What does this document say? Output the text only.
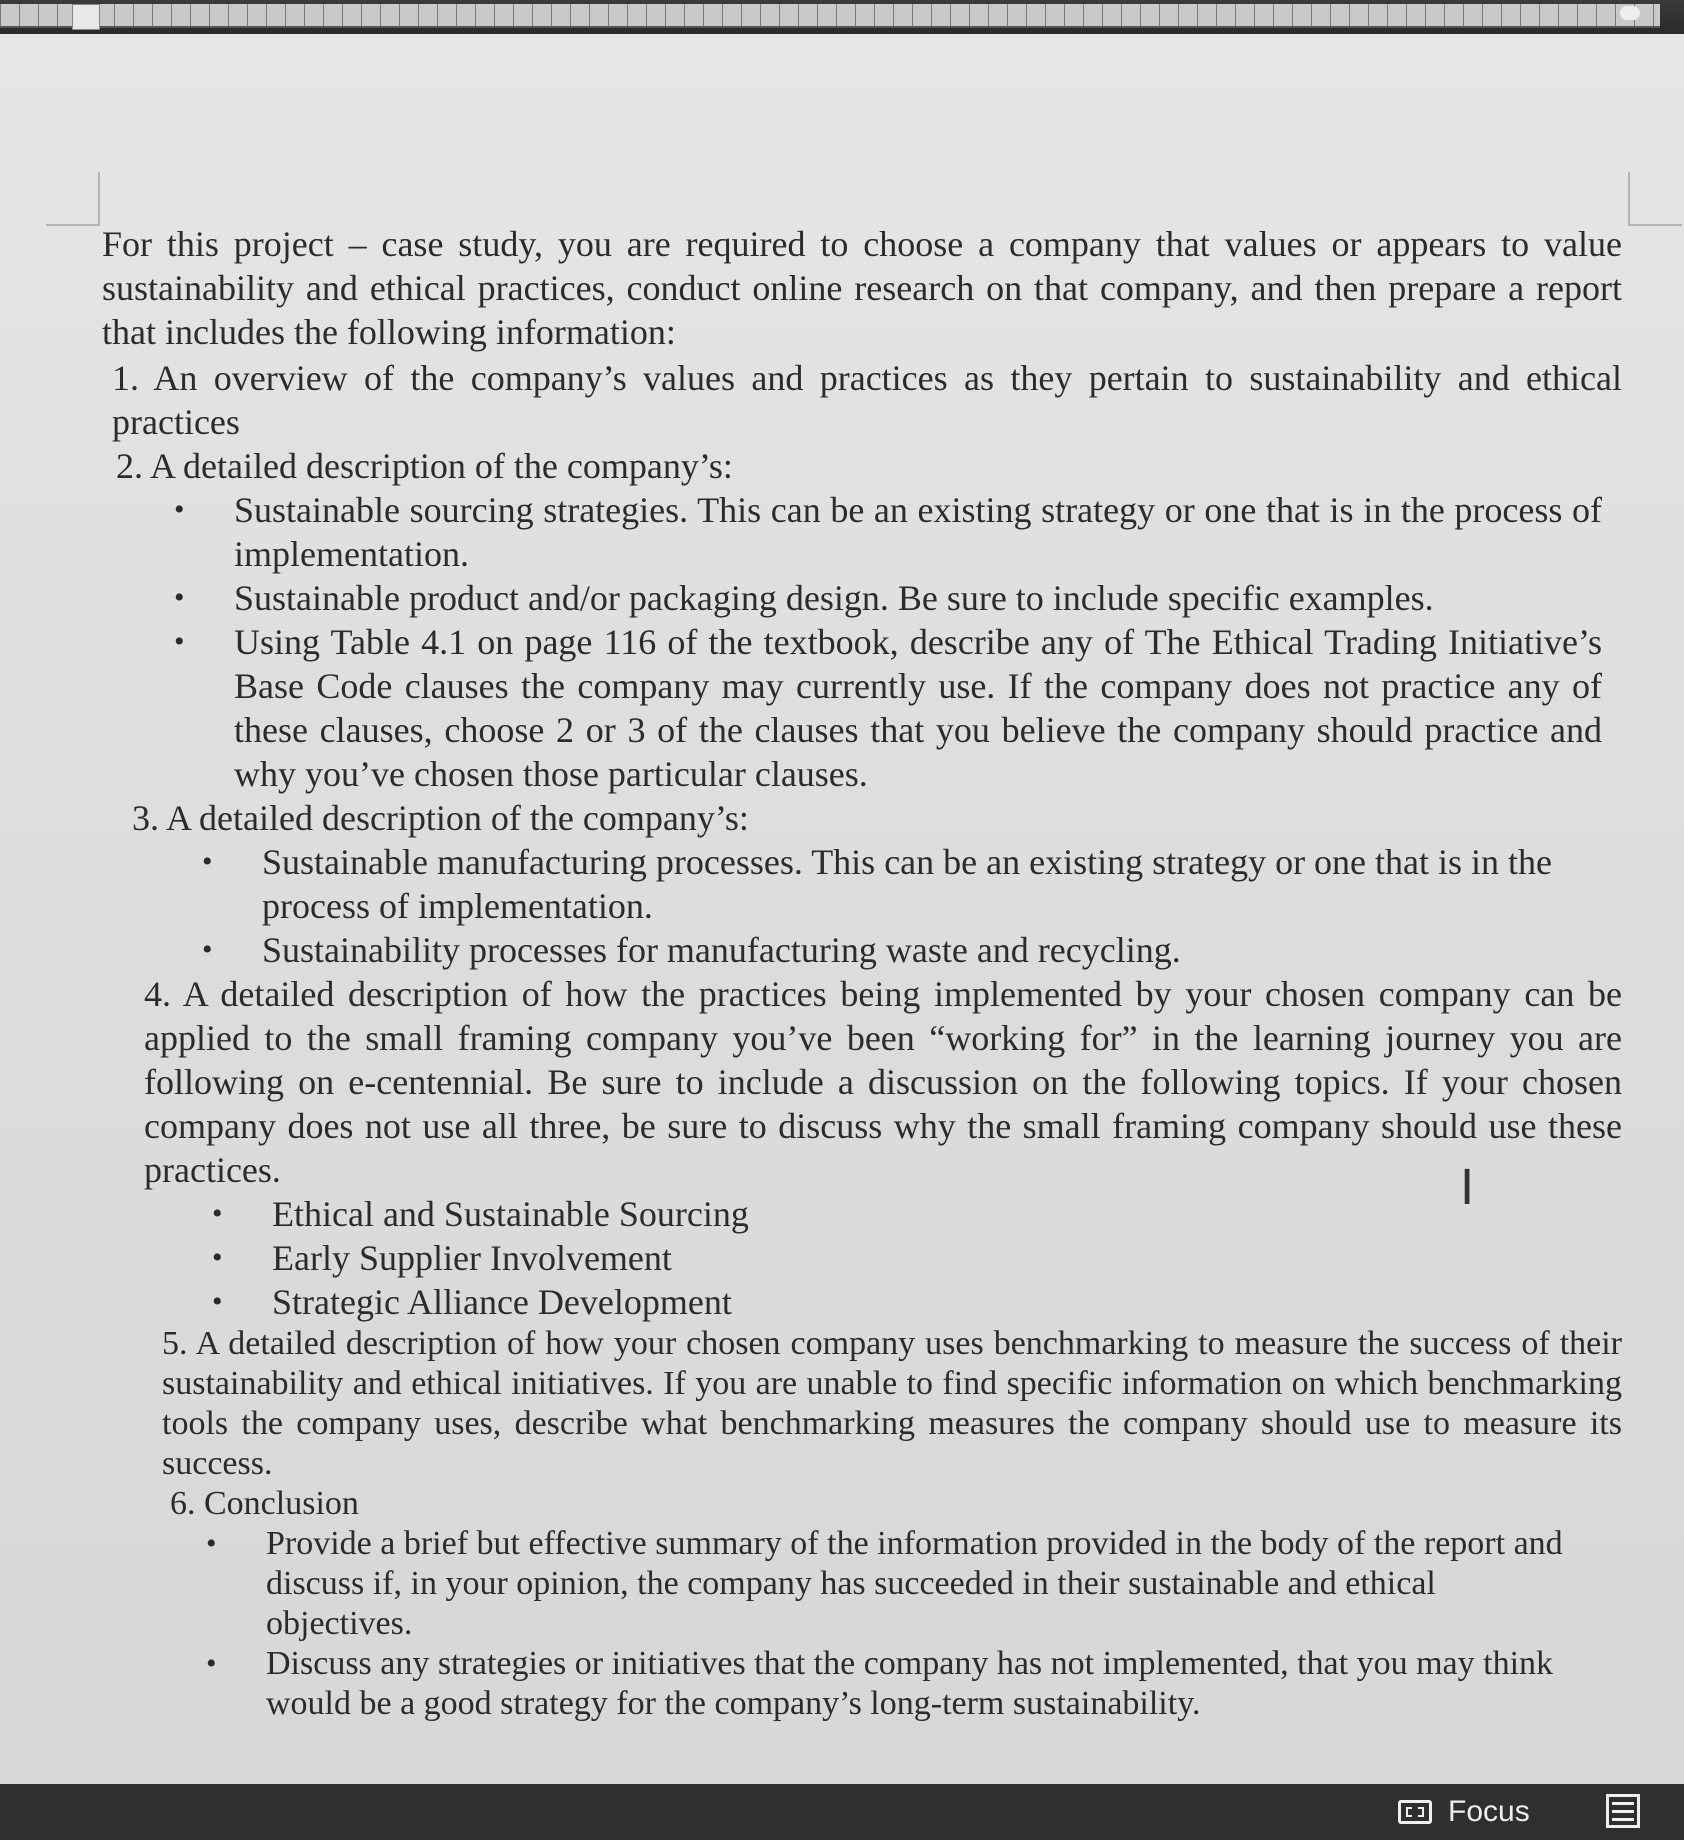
For this project – case study, you are required to choose a company that values or appears to value sustainability and ethical practices, conduct online research on that company, and then prepare a report that includes the following information:

1. An overview of the company’s values and practices as they pertain to sustainability and ethical practices

2. A detailed description of the company’s:

• Sustainable sourcing strategies. This can be an existing strategy or one that is in the process of implementation.

• Sustainable product and/or packaging design. Be sure to include specific examples.

• Using Table 4.1 on page 116 of the textbook, describe any of The Ethical Trading Initiative’s Base Code clauses the company may currently use. If the company does not practice any of these clauses, choose 2 or 3 of the clauses that you believe the company should practice and why you’ve chosen those particular clauses.

3. A detailed description of the company’s:

• Sustainable manufacturing processes. This can be an existing strategy or one that is in the process of implementation.

• Sustainability processes for manufacturing waste and recycling.

4. A detailed description of how the practices being implemented by your chosen company can be applied to the small framing company you’ve been “working for” in the learning journey you are following on e-centennial. Be sure to include a discussion on the following topics. If your chosen company does not use all three, be sure to discuss why the small framing company should use these practices.

• Ethical and Sustainable Sourcing

• Early Supplier Involvement

• Strategic Alliance Development

5. A detailed description of how your chosen company uses benchmarking to measure the success of their sustainability and ethical initiatives. If you are unable to find specific information on which benchmarking tools the company uses, describe what benchmarking measures the company should use to measure its success.

6. Conclusion

• Provide a brief but effective summary of the information provided in the body of the report and discuss if, in your opinion, the company has succeeded in their sustainable and ethical objectives.

• Discuss any strategies or initiatives that the company has not implemented, that you may think would be a good strategy for the company’s long-term sustainability.

I
Focus
